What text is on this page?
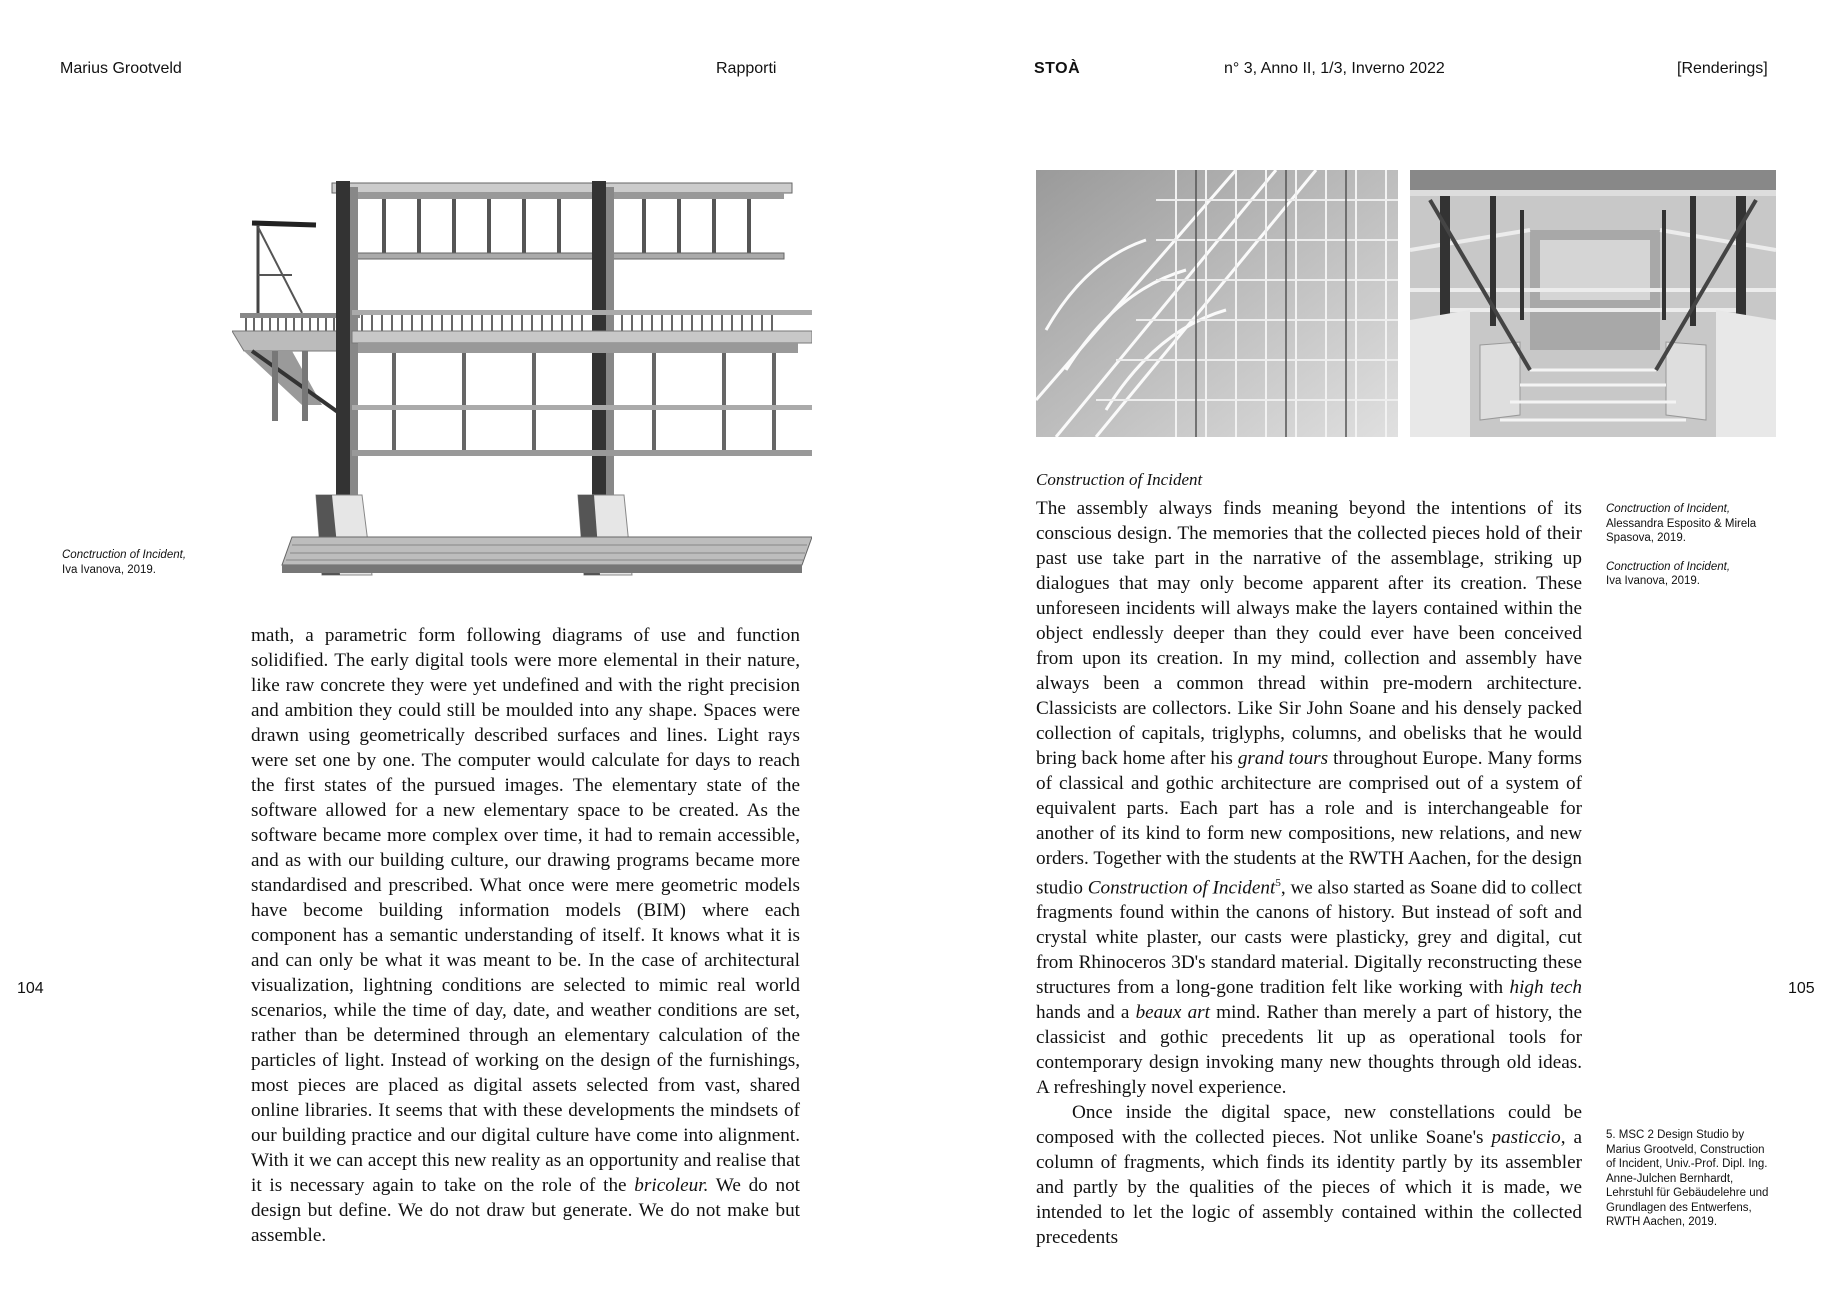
Marius Grootveld	Rapporti	STOÀ	n° 3, Anno II, 1/3, Inverno 2022	[Renderings]
104	105

Conctruction of Incident,

Iva Ivanova, 2019.

math, a parametric form following diagrams of use and function solidified. The early digital tools were more elemental in their nature, like raw concrete they were yet undefined and with the right precision and ambition they could still be moulded into any shape. Spaces were drawn using geometrically described surfaces and lines. Light rays were set one by one. The computer would calculate for days to reach the first states of the pursued images. The elementary state of the software allowed for a new elementary space to be created. As the software became more complex over time, it had to remain accessible, and as with our building culture, our drawing programs became more standardised and prescribed. What once were mere geometric models have become building information models (BIM) where each component has a semantic understanding of itself. It knows what it is and can only be what it was meant to be. In the case of architectural visualization, lightning conditions are selected to mimic real world scenarios, while the time of day, date, and weather conditions are set, rather than be determined through an elementary calculation of the particles of light. Instead of working on the design of the furnishings, most pieces are placed as digital assets selected from vast, shared online libraries. It seems that with these developments the mindsets of our building practice and our digital culture have come into alignment. With it we can accept this new reality as an opportunity and realise that it is necessary again to take on the role of the bricoleur. We do not design but define. We do not draw but generate. We do not make but assemble.

Conctruction of Incident,

Alessandra Esposito & Mirela Spasova, 2019.

Conctruction of Incident,

Iva Ivanova, 2019.

Construction of Incident

The assembly always finds meaning beyond the intentions of its conscious design. The memories that the collected pieces hold of their past use take part in the narrative of the assemblage, striking up dialogues that may only become apparent after its creation. These unforeseen incidents will always make the layers contained within the object endlessly deeper than they could ever have been conceived from upon its creation. In my mind, collection and assembly have always been a common thread within pre-modern architecture. Classicists are collectors. Like Sir John Soane and his densely packed collection of capitals, triglyphs, columns, and obelisks that he would bring back home after his grand tours throughout Europe. Many forms of classical and gothic architecture are comprised out of a system of equivalent parts. Each part has a role and is interchangeable for another of its kind to form new compositions, new relations, and new orders. Together with the students at the RWTH Aachen, for the design studio Construction of Incident$^5$, we also started as Soane did to collect fragments found within the canons of history. But instead of soft and crystal white plaster, our casts were plasticky, grey and digital, cut from Rhinoceros 3D's standard material. Digitally reconstructing these structures from a long-gone tradition felt like working with high tech hands and a beaux art mind. Rather than merely a part of history, the classicist and gothic precedents lit up as operational tools for contemporary design invoking many new thoughts through old ideas. A refreshingly novel experience.

Once inside the digital space, new constellations could be composed with the collected pieces. Not unlike Soane's pasticcio, a column of fragments, which finds its identity partly by its assembler and partly by the qualities of the pieces of which it is made, we intended to let the logic of assembly contained within the collected precedents

5. MSC 2 Design Studio by Marius Grootveld, Construction of Incident, Univ.-Prof. Dipl. Ing. Anne-Julchen Bernhardt, Lehrstuhl für Gebäudelehre und Grundlagen des Entwerfens, RWTH Aachen, 2019.
